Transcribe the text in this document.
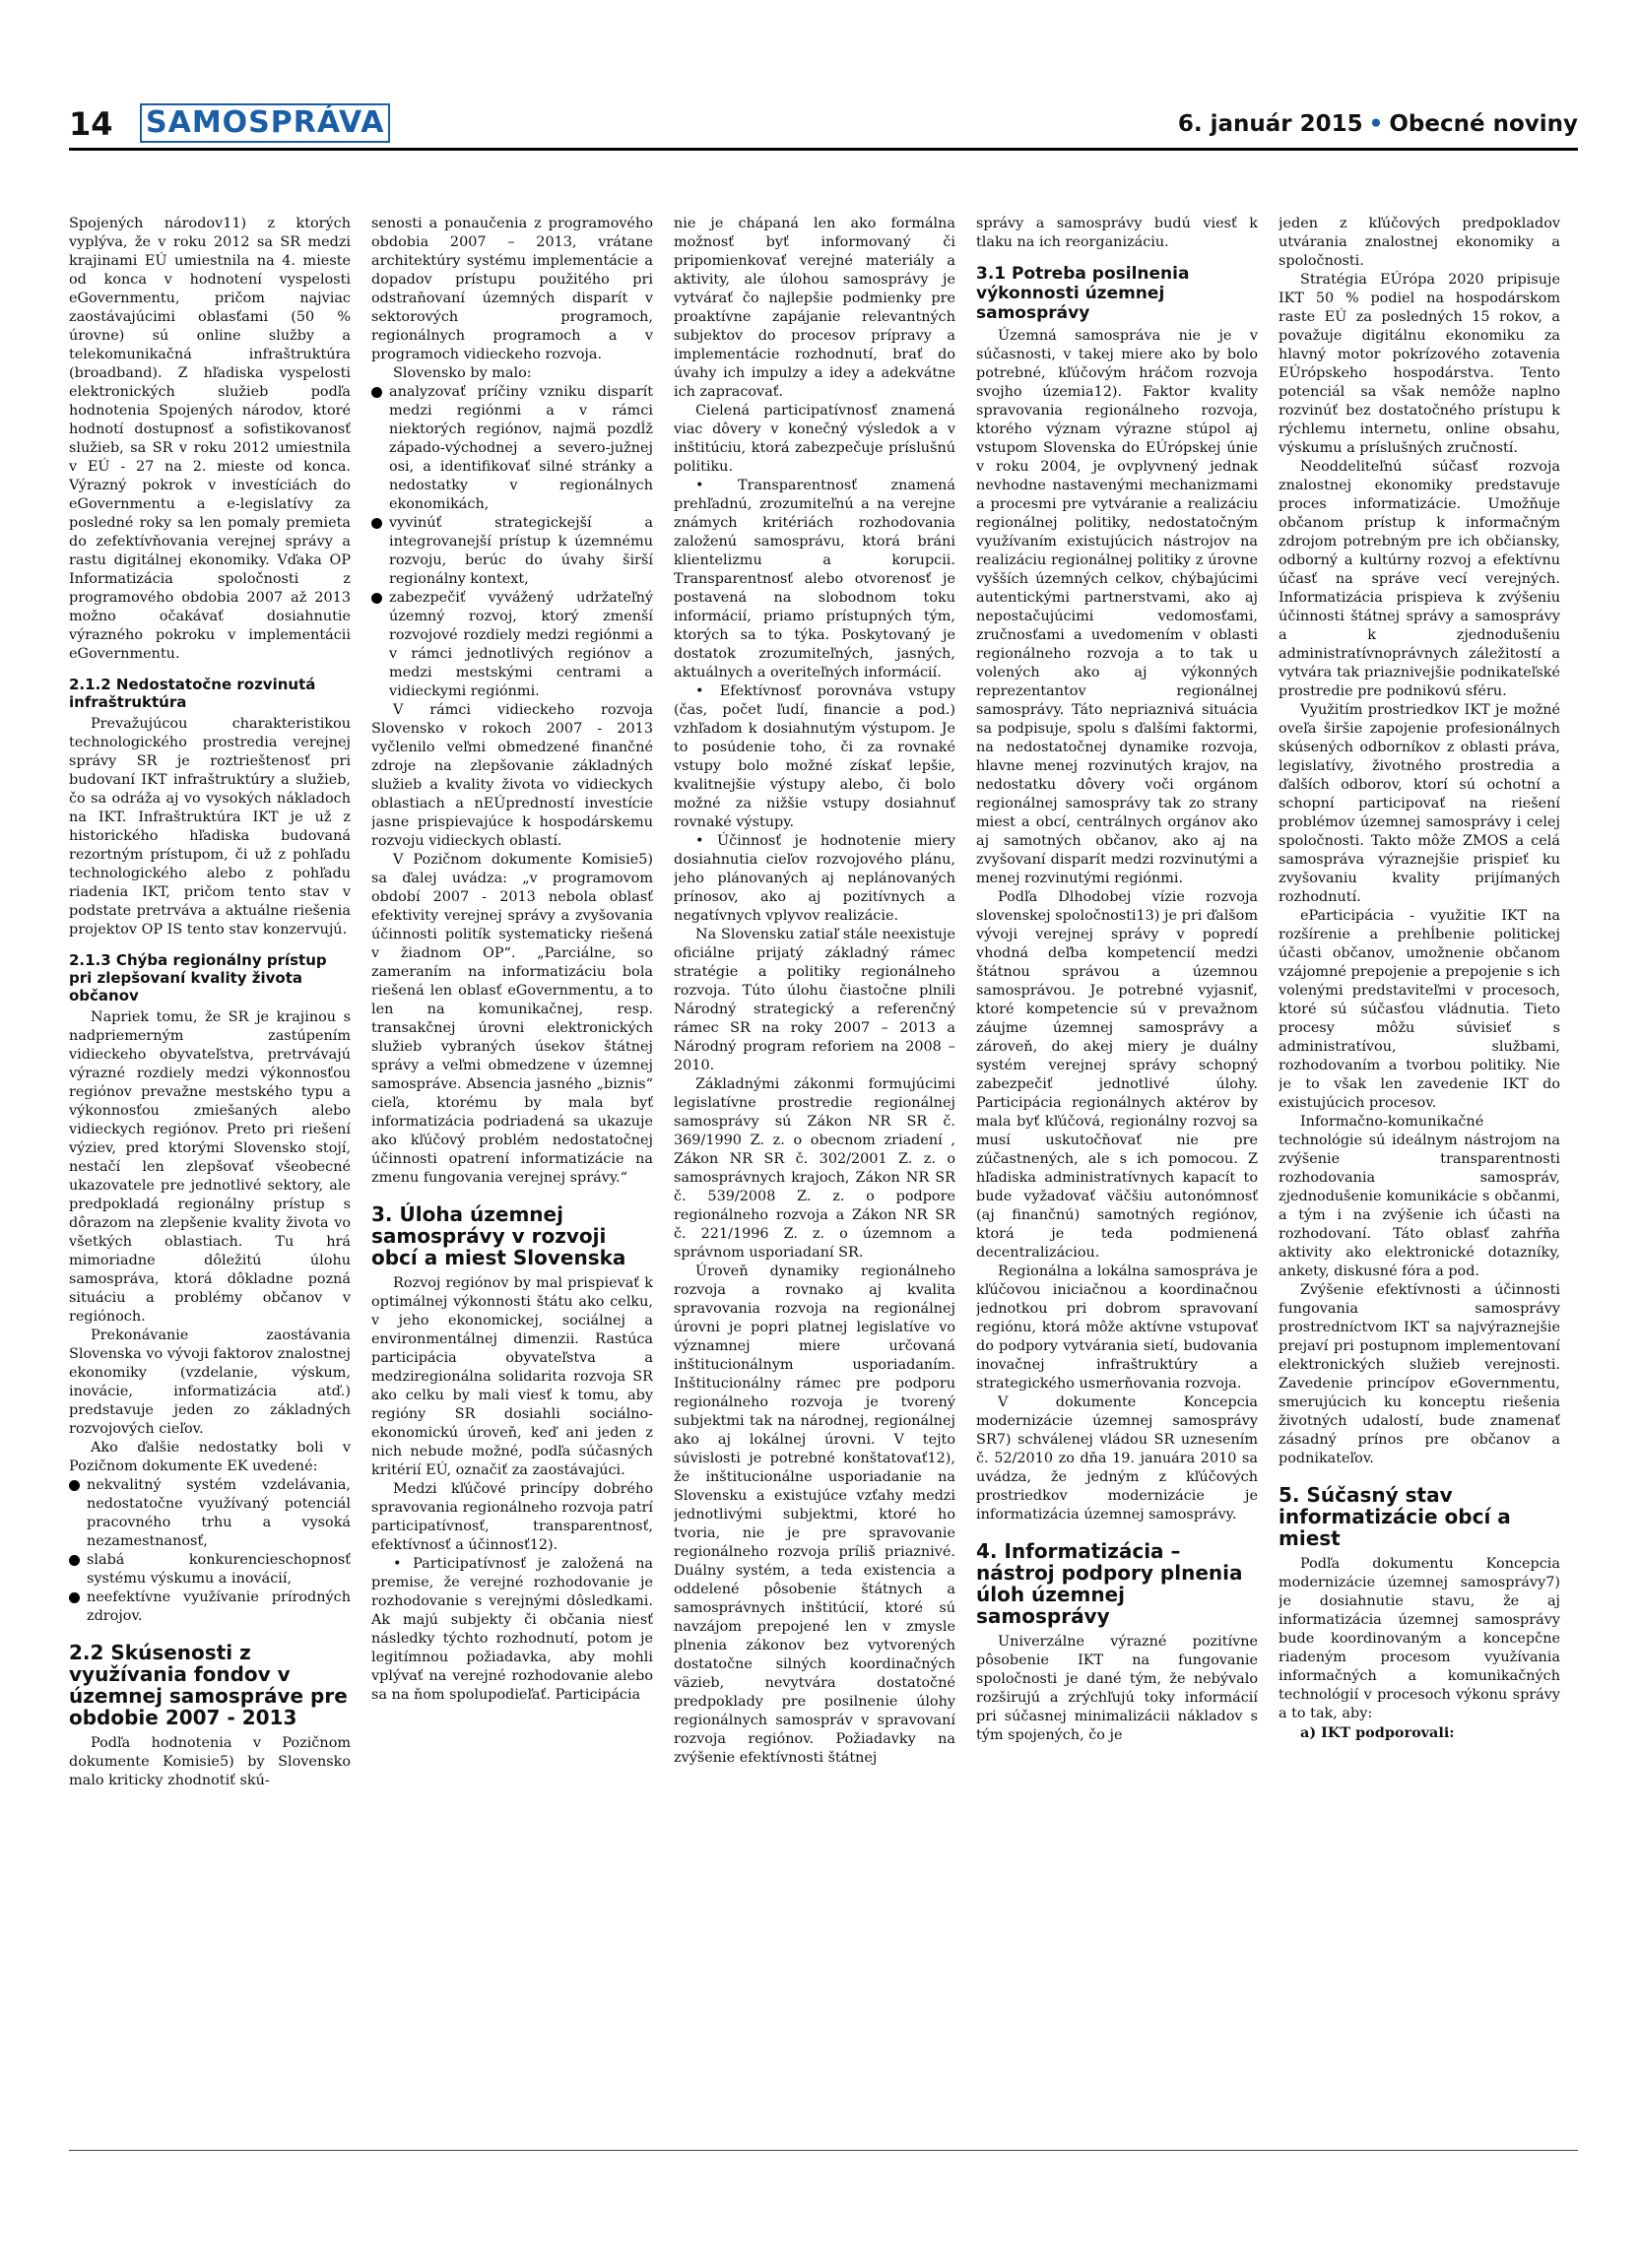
14 SAMOSPRÁVA	6. január 2015 • Obecné noviny

Spojených národov11) z ktorých vyplýva, že v roku 2012 sa SR medzi krajinami EÚ umiestnila na 4. mieste od konca v hodnotení vyspelosti eGovernmentu, pričom najviac zaostávajúcimi oblasťami (50 % úrovne) sú online služby a telekomunikačná infraštruktúra (broadband). Z hľadiska vyspelosti elektronických služieb podľa hodnotenia Spojených národov, ktoré hodnotí dostupnosť a sofistikovanosť služieb, sa SR v roku 2012 umiestnila v EÚ - 27 na 2. mieste od konca. Výrazný pokrok v investíciách do eGovernmentu a e-legislatívy za posledné roky sa len pomaly premieta do zefektívňovania verejnej správy a rastu digitálnej ekonomiky. Vďaka OP Informatizácia spoločnosti z programového obdobia 2007 až 2013 možno očakávať dosiahnutie výrazného pokroku v implementácii eGovernmentu.

2.1.2 Nedostatočne rozvinutá infraštruktúra

Prevažujúcou charakteristikou technologického prostredia verejnej správy SR je roztrieštenosť pri budovaní IKT infraštruktúry a služieb, čo sa odráža aj vo vysokých nákladoch na IKT. Infraštruktúra IKT je už z historického hľadiska budovaná rezortným prístupom, či už z pohľadu technologického alebo z pohľadu riadenia IKT, pričom tento stav v podstate pretrváva a aktuálne riešenia projektov OP IS tento stav konzervujú.

2.1.3 Chýba regionálny prístup pri zlepšovaní kvality života občanov

Napriek tomu, že SR je krajinou s nadpriemerným zastúpením vidieckeho obyvateľstva, pretrvávajú výrazné rozdiely medzi výkonnosťou regiónov prevažne mestského typu a výkonnosťou zmiešaných alebo vidieckych regiónov. Preto pri riešení výziev, pred ktorými Slovensko stojí, nestačí len zlepšovať všeobecné ukazovatele pre jednotlivé sektory, ale predpokladá regionálny prístup s dôrazom na zlepšenie kvality života vo všetkých oblastiach. Tu hrá mimoriadne dôležitú úlohu samospráva, ktorá dôkladne pozná situáciu a problémy občanov v regiónoch.

Prekonávanie zaostávania Slovenska vo vývoji faktorov znalostnej ekonomiky (vzdelanie, výskum, inovácie, informatizácia atď.) predstavuje jeden zo základných rozvojových cieľov.

Ako ďalšie nedostatky boli v Pozičnom dokumente EK uvedené:

nekvalitný systém vzdelávania, nedostatočne využívaný potenciál pracovného trhu a vysoká nezamestnanosť,
slabá konkurencieschopnosť systému výskumu a inovácií,
neefektívne využívanie prírodných zdrojov.
2.2 Skúsenosti z využívania fondov v územnej samospráve pre obdobie 2007 - 2013

Podľa hodnotenia v Pozičnom dokumente Komisie5) by Slovensko malo kriticky zhodnotiť skú-

senosti a ponaučenia z programového obdobia 2007 – 2013, vrátane architektúry systému implementácie a dopadov prístupu použitého pri odstraňovaní územných disparít v sektorových programoch, regionálnych programoch a v programoch vidieckeho rozvoja.

Slovensko by malo:

analyzovať príčiny vzniku disparít medzi regiónmi a v rámci niektorých regiónov, najmä pozdĺž západo-východnej a severo-južnej osi, a identifikovať silné stránky a nedostatky v regionálnych ekonomikách,
vyvinúť strategickejší a integrovanejší prístup k územnému rozvoju, berúc do úvahy širší regionálny kontext,
zabezpečiť vyvážený udržateľný územný rozvoj, ktorý zmenší rozvojové rozdiely medzi regiónmi a v rámci jednotlivých regiónov a medzi mestskými centrami a vidieckymi regiónmi.

V rámci vidieckeho rozvoja Slovensko v rokoch 2007 - 2013 vyčlenilo veľmi obmedzené finančné zdroje na zlepšovanie základných služieb a kvality života vo vidieckych oblastiach a nEÚpredností investície jasne prispievajúce k hospodárskemu rozvoju vidieckych oblastí.

V Pozičnom dokumente Komisie5) sa ďalej uvádza: „v programovom období 2007 - 2013 nebola oblasť efektivity verejnej správy a zvyšovania účinnosti politík systematicky riešená v žiadnom OP“. „Parciálne, so zameraním na informatizáciu bola riešená len oblasť eGovernmentu, a to len na komunikačnej, resp. transakčnej úrovni elektronických služieb vybraných úsekov štátnej správy a veľmi obmedzene v územnej samospráve. Absencia jasného „biznis“ cieľa, ktorému by mala byť informatizácia podriadená sa ukazuje ako kľúčový problém nedostatočnej účinnosti opatrení informatizácie na zmenu fungovania verejnej správy.“

3. Úloha územnej samosprávy v rozvoji obcí a miest Slovenska

Rozvoj regiónov by mal prispievať k optimálnej výkonnosti štátu ako celku, v jeho ekonomickej, sociálnej a environmentálnej dimenzii. Rastúca participácia obyvateľstva a medziregionálna solidarita rozvoja SR ako celku by mali viesť k tomu, aby regióny SR dosiahli sociálno-ekonomickú úroveň, keď ani jeden z nich nebude možné, podľa súčasných kritérií EÚ, označiť za zaostávajúci.

Medzi kľúčové princípy dobrého spravovania regionálneho rozvoja patrí participatívnosť, transparentnosť, efektívnosť a účinnosť12).

• Participatívnosť je založená na premise, že verejné rozhodovanie je rozhodovanie s verejnými dôsledkami. Ak majú subjekty či občania niesť následky týchto rozhodnutí, potom je legitímnou požiadavka, aby mohli vplývať na verejné rozhodovanie alebo sa na ňom spolupodieľať. Participácia

nie je chápaná len ako formálna možnosť byť informovaný či pripomienkovať verejné materiály a aktivity, ale úlohou samosprávy je vytvárať čo najlepšie podmienky pre proaktívne zapájanie relevantných subjektov do procesov prípravy a implementácie rozhodnutí, brať do úvahy ich impulzy a idey a adekvátne ich zapracovať.

Cielená participatívnosť znamená viac dôvery v konečný výsledok a v inštitúciu, ktorá zabezpečuje príslušnú politiku.

• Transparentnosť znamená prehľadnú, zrozumiteľnú a na verejne známych kritériách rozhodovania založenú samosprávu, ktorá bráni klientelizmu a korupcii. Transparentnosť alebo otvorenosť je postavená na slobodnom toku informácií, priamo prístupných tým, ktorých sa to týka. Poskytovaný je dostatok zrozumiteľných, jasných, aktuálnych a overiteľných informácií.

• Efektívnosť porovnáva vstupy (čas, počet ľudí, financie a pod.) vzhľadom k dosiahnutým výstupom. Je to posúdenie toho, či za rovnaké vstupy bolo možné získať lepšie, kvalitnejšie výstupy alebo, či bolo možné za nižšie vstupy dosiahnuť rovnaké výstupy.

• Účinnosť je hodnotenie miery dosiahnutia cieľov rozvojového plánu, jeho plánovaných aj neplánovaných prínosov, ako aj pozitívnych a negatívnych vplyvov realizácie.

Na Slovensku zatiaľ stále neexistuje oficiálne prijatý základný rámec stratégie a politiky regionálneho rozvoja. Túto úlohu čiastočne plnili Národný strategický a referenčný rámec SR na roky 2007 – 2013 a Národný program reforiem na 2008 – 2010.

Základnými zákonmi formujúcimi legislatívne prostredie regionálnej samosprávy sú Zákon NR SR č. 369/1990 Z. z. o obecnom zriadení , Zákon NR SR č. 302/2001 Z. z. o samosprávnych krajoch, Zákon NR SR č. 539/2008 Z. z. o podpore regionálneho rozvoja a Zákon NR SR č. 221/1996 Z. z. o územnom a správnom usporiadaní SR.

Úroveň dynamiky regionálneho rozvoja a rovnako aj kvalita spravovania rozvoja na regionálnej úrovni je popri platnej legislatíve vo významnej miere určovaná inštitucionálnym usporiadaním. Inštitucionálny rámec pre podporu regionálneho rozvoja je tvorený subjektmi tak na národnej, regionálnej ako aj lokálnej úrovni. V tejto súvislosti je potrebné konštatovať12), že inštitucionálne usporiadanie na Slovensku a existujúce vzťahy medzi jednotlivými subjektmi, ktoré ho tvoria, nie je pre spravovanie regionálneho rozvoja príliš priaznivé. Duálny systém, a teda existencia a oddelené pôsobenie štátnych a samosprávnych inštitúcií, ktoré sú navzájom prepojené len v zmysle plnenia zákonov bez vytvorených dostatočne silných koordinačných väzieb, nevytvára dostatočné predpoklady pre posilnenie úlohy regionálnych samospráv v spravovaní rozvoja regiónov. Požiadavky na zvýšenie efektívnosti štátnej

správy a samosprávy budú viesť k tlaku na ich reorganizáciu.

3.1 Potreba posilnenia výkonnosti územnej samosprávy

Územná samospráva nie je v súčasnosti, v takej miere ako by bolo potrebné, kľúčovým hráčom rozvoja svojho územia12). Faktor kvality spravovania regionálneho rozvoja, ktorého význam výrazne stúpol aj vstupom Slovenska do EÚrópskej únie v roku 2004, je ovplyvnený jednak nevhodne nastavenými mechanizmami a procesmi pre vytváranie a realizáciu regionálnej politiky, nedostatočným využívaním existujúcich nástrojov na realizáciu regionálnej politiky z úrovne vyšších územných celkov, chýbajúcimi autentickými partnerstvami, ako aj nepostačujúcimi vedomosťami, zručnosťami a uvedomením v oblasti regionálneho rozvoja a to tak u volených ako aj výkonných reprezentantov regionálnej samosprávy. Táto nepriaznivá situácia sa podpisuje, spolu s ďalšími faktormi, na nedostatočnej dynamike rozvoja, hlavne menej rozvinutých krajov, na nedostatku dôvery voči orgánom regionálnej samosprávy tak zo strany miest a obcí, centrálnych orgánov ako aj samotných občanov, ako aj na zvyšovaní disparít medzi rozvinutými a menej rozvinutými regiónmi.

Podľa Dlhodobej vízie rozvoja slovenskej spoločnosti13) je pri ďalšom vývoji verejnej správy v popredí vhodná deľba kompetencií medzi štátnou správou a územnou samosprávou. Je potrebné vyjasniť, ktoré kompetencie sú v prevažnom záujme územnej samosprávy a zároveň, do akej miery je duálny systém verejnej správy schopný zabezpečiť jednotlivé úlohy. Participácia regionálnych aktérov by mala byť kľúčová, regionálny rozvoj sa musí uskutočňovať nie pre zúčastnených, ale s ich pomocou. Z hľadiska administratívnych kapacít to bude vyžadovať väčšiu autonómnosť (aj finančnú) samotných regiónov, ktorá je teda podmienená decentralizáciou.

Regionálna a lokálna samospráva je kľúčovou iniciačnou a koordinačnou jednotkou pri dobrom spravovaní regiónu, ktorá môže aktívne vstupovať do podpory vytvárania sietí, budovania inovačnej infraštruktúry a strategického usmerňovania rozvoja.

V dokumente Koncepcia modernizácie územnej samosprávy SR7) schválenej vládou SR uznesením č. 52/2010 zo dňa 19. januára 2010 sa uvádza, že jedným z kľúčových prostriedkov modernizácie je informatizácia územnej samosprávy.

4. Informatizácia – nástroj podpory plnenia úloh územnej samosprávy

Univerzálne výrazné pozitívne pôsobenie IKT na fungovanie spoločnosti je dané tým, že nebývalo rozširujú a zrýchľujú toky informácií pri súčasnej minimalizácii nákladov s tým spojených, čo je

jeden z kľúčových predpokladov utvárania znalostnej ekonomiky a spoločnosti.

Stratégia EÚrópa 2020 pripisuje IKT 50 % podiel na hospodárskom raste EÚ za posledných 15 rokov, a považuje digitálnu ekonomiku za hlavný motor pokrízového zotavenia EÚrópskeho hospodárstva. Tento potenciál sa však nemôže naplno rozvinúť bez dostatočného prístupu k rýchlemu internetu, online obsahu, výskumu a príslušných zručností.

Neoddeliteľnú súčasť rozvoja znalostnej ekonomiky predstavuje proces informatizácie. Umožňuje občanom prístup k informačným zdrojom potrebným pre ich občiansky, odborný a kultúrny rozvoj a efektívnu účasť na správe vecí verejných. Informatizácia prispieva k zvýšeniu účinnosti štátnej správy a samosprávy a k zjednodušeniu administratívnoprávnych záležitostí a vytvára tak priaznivejšie podnikateľské prostredie pre podnikovú sféru.

Využitím prostriedkov IKT je možné oveľa širšie zapojenie profesionálnych skúsených odborníkov z oblasti práva, legislatívy, životného prostredia a ďalších odborov, ktorí sú ochotní a schopní participovať na riešení problémov územnej samosprávy i celej spoločnosti. Takto môže ZMOS a celá samospráva výraznejšie prispieť ku zvyšovaniu kvality prijímaných rozhodnutí.

eParticipácia - využitie IKT na rozšírenie a prehĺbenie politickej účasti občanov, umožnenie občanom vzájomné prepojenie a prepojenie s ich volenými predstaviteľmi v procesoch, ktoré sú súčasťou vládnutia. Tieto procesy môžu súvisieť s administratívou, službami, rozhodovaním a tvorbou politiky. Nie je to však len zavedenie IKT do existujúcich procesov.

Informačno-komunikačné technológie sú ideálnym nástrojom na zvýšenie transparentnosti rozhodovania samospráv, zjednodušenie komunikácie s občanmi, a tým i na zvýšenie ich účasti na rozhodovaní. Táto oblasť zahŕňa aktivity ako elektronické dotazníky, ankety, diskusné fóra a pod.

Zvýšenie efektívnosti a účinnosti fungovania samosprávy prostredníctvom IKT sa najvýraznejšie prejaví pri postupnom implementovaní elektronických služieb verejnosti. Zavedenie princípov eGovernmentu, smerujúcich ku konceptu riešenia životných udalostí, bude znamenať zásadný prínos pre občanov a podnikateľov.

5. Súčasný stav informatizácie obcí a miest

Podľa dokumentu Koncepcia modernizácie územnej samosprávy7) je dosiahnutie stavu, že aj informatizácia územnej samosprávy bude koordinovaným a koncepčne riadeným procesom využívania informačných a komunikačných technológií v procesoch výkonu správy a to tak, aby:

a) IKT podporovali:
